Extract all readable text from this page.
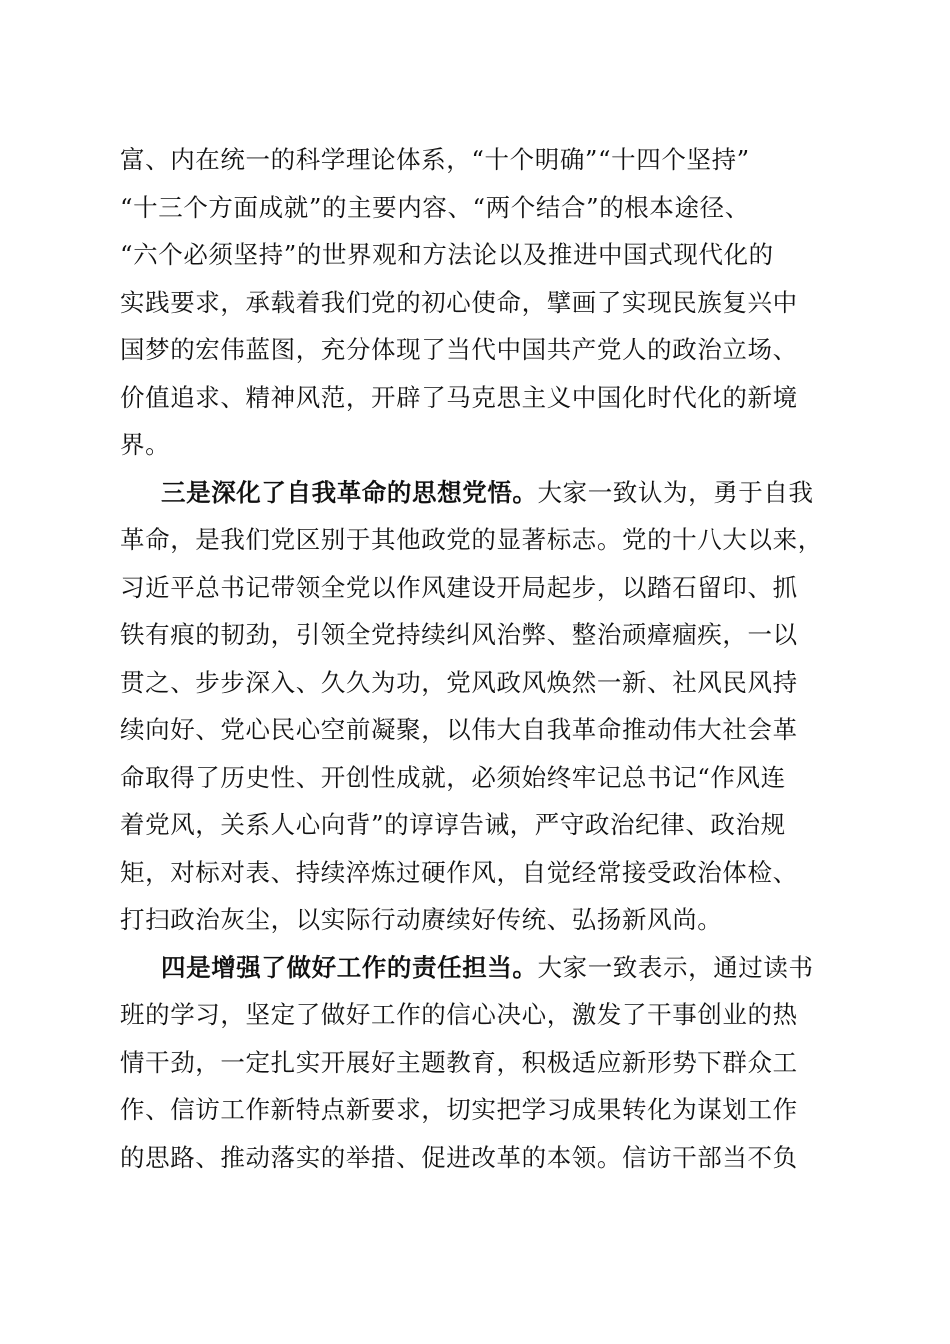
富、内在统一的科学理论体系，“十个明确”“十四个坚持”
“十三个方面成就”的主要内容、“两个结合”的根本途径、
“六个必须坚持”的世界观和方法论以及推进中国式现代化的
实践要求，承载着我们党的初心使命，擘画了实现民族复兴中
国梦的宏伟蓝图，充分体现了当代中国共产党人的政治立场、
价值追求、精神风范，开辟了马克思主义中国化时代化的新境
界。
三是深化了自我革命的思想党悟。大家一致认为，勇于自我
革命，是我们党区别于其他政党的显著标志。党的十八大以来，
习近平总书记带领全党以作风建设开局起步，以踏石留印、抓
铁有痕的韧劲，引领全党持续纠风治弊、整治顽瘴痼疾，一以
贯之、步步深入、久久为功，党风政风焕然一新、社风民风持
续向好、党心民心空前凝聚，以伟大自我革命推动伟大社会革
命取得了历史性、开创性成就，必须始终牢记总书记“作风连
着党风，关系人心向背”的谆谆告诫，严守政治纪律、政治规
矩，对标对表、持续淬炼过硬作风，自觉经常接受政治体检、
打扫政治灰尘，以实际行动赓续好传统、弘扬新风尚。
四是增强了做好工作的责任担当。大家一致表示，通过读书
班的学习，坚定了做好工作的信心决心，激发了干事创业的热
情干劲，一定扎实开展好主题教育，积极适应新形势下群众工
作、信访工作新特点新要求，切实把学习成果转化为谋划工作
的思路、推动落实的举措、促进改革的本领。信访干部当不负
